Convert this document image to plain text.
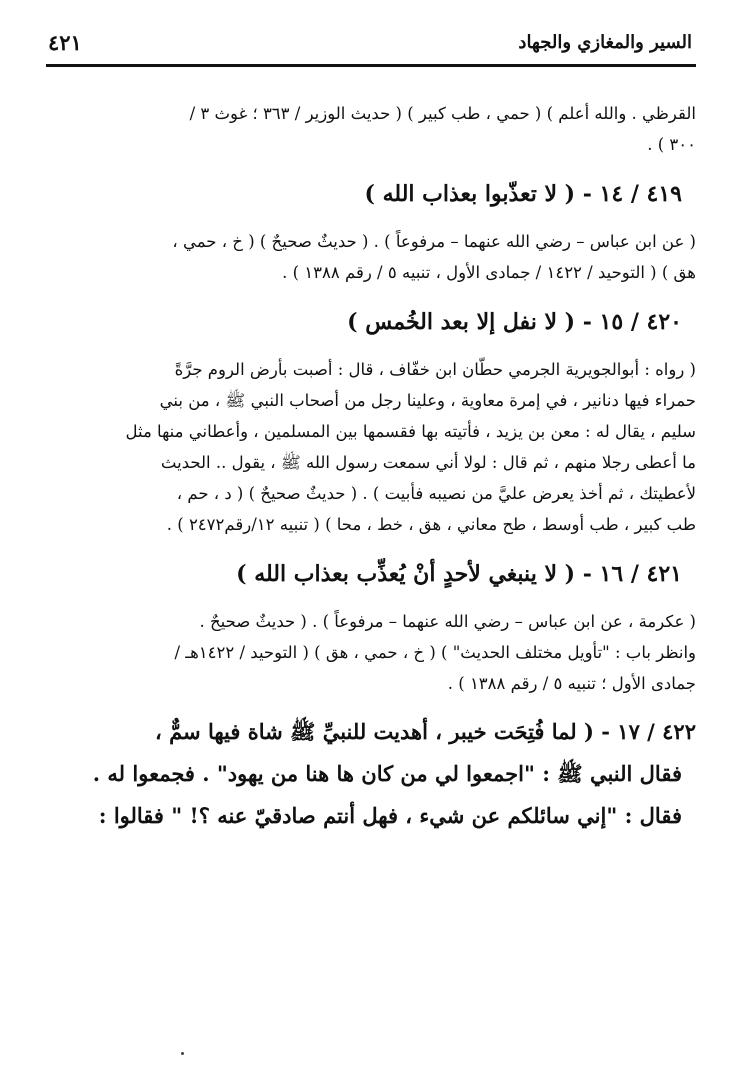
٤٢١	السير والمغازي والجهاد
القرظي . والله أعلم ) ( حمي ، طب كبير ) ( حديث الوزير / ٣٦٣ ؛ غوث ٣ /
٣٠٠ ) .
٤١٩ / ١٤ - ( لا تعذّبوا بعذاب الله )
( عن ابن عباس – رضي الله عنهما – مرفوعاً ) . ( حديثٌ صحيحٌ ) ( خ ، حمي ،
هق ) ( التوحيد / ١٤٢٢ / جمادى الأول ، تنبيه ٥ / رقم ١٣٨٨ ) .
٤٢٠ / ١٥ - ( لا نفل إلا بعد الخُمس )
( رواه : أبوالجويرية الجرمي حطّان ابن خفّاف ، قال : أصبت بأرض الروم جرَّةً
حمراء فيها دنانير ، في إمرة معاوية ، وعلينا رجل من أصحاب النبي ﷺ ، من بني
سليم ، يقال له : معن بن يزيد ، فأتيته بها فقسمها بين المسلمين ، وأعطاني منها مثل
ما أعطى رجلا منهم ، ثم قال : لولا أني سمعت رسول الله ﷺ ، يقول .. الحديث
لأعطيتك ، ثم أخذ يعرض عليَّ من نصيبه فأبيت ) . ( حديثٌ صحيحٌ ) ( د ، حم ،
طب كبير ، طب أوسط ، طح معاني ، هق ، خط ، محا ) ( تنبيه ١٢/رقم٢٤٧٢ ) .
٤٢١ / ١٦ - ( لا ينبغي لأحدٍ أنْ يُعذِّب بعذاب الله )
( عكرمة ، عن ابن عباس – رضي الله عنهما – مرفوعاً ) . ( حديثٌ صحيحٌ .
وانظر باب : "تأويل مختلف الحديث" ) ( خ ، حمي ، هق ) ( التوحيد / ١٤٢٢هـ /
جمادى الأول ؛ تنبيه ٥ / رقم ١٣٨٨ ) .
٤٢٢ / ١٧ - ( لما فُتِحَت خيبر ، أهديت للنبيِّ ﷺ شاة فيها سمٌّ ،
فقال النبي ﷺ : "اجمعوا لي من كان ها هنا من يهود" . فجمعوا له .
فقال : "إني سائلكم عن شيء ، فهل أنتم صادقيّ عنه ؟! " فقالوا :
